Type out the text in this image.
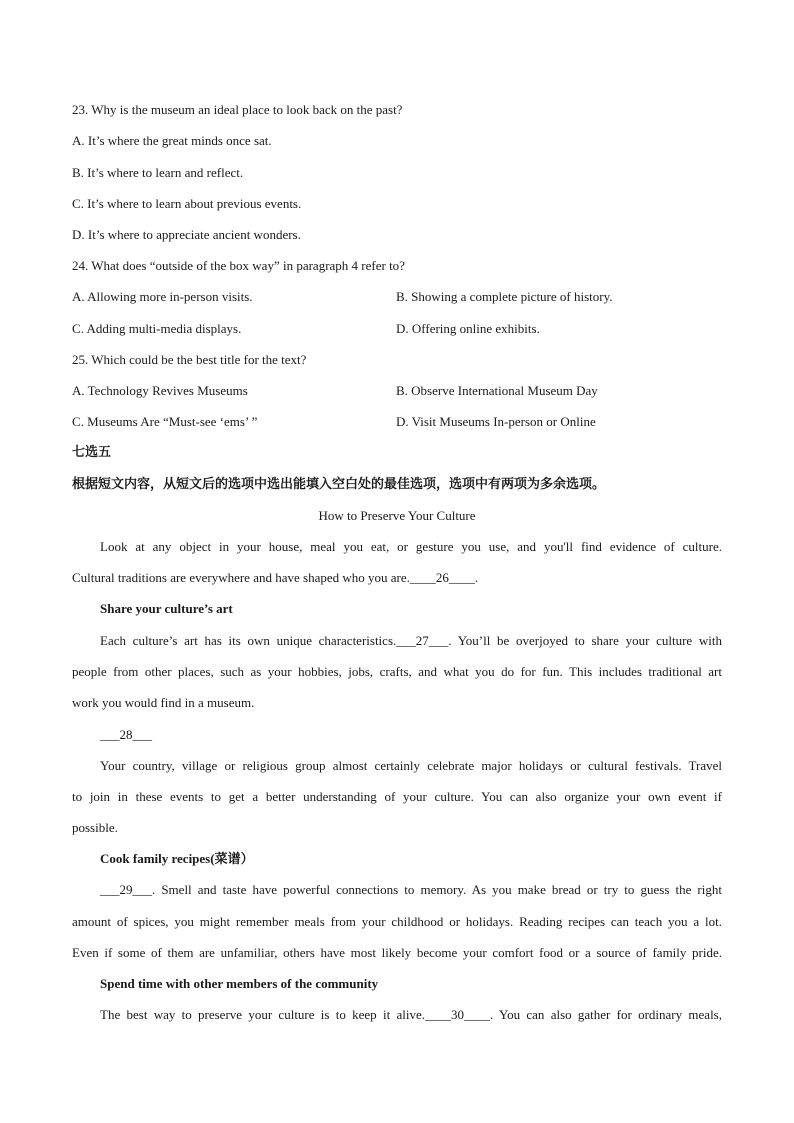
23. Why is the museum an ideal place to look back on the past?
A. It’s where the great minds once sat.
B. It’s where to learn and reflect.
C. It’s where to learn about previous events.
D. It’s where to appreciate ancient wonders.
24. What does “outside of the box way” in paragraph 4 refer to?
A. Allowing more in-person visits.	B. Showing a complete picture of history.
C. Adding multi-media displays.	D. Offering online exhibits.
25. Which could be the best title for the text?
A. Technology Revives Museums	B. Observe International Museum Day
C. Museums Are “Must-see ‘ems’ ”	D. Visit Museums In-person or Online
七选五
根据短文内容，从短文后的选项中选出能填入空白处的最佳选项，选项中有两项为多余选项。
How to Preserve Your Culture
Look at any object in your house, meal you eat, or gesture you use, and you'll find evidence of culture.
Cultural traditions are everywhere and have shaped who you are.____26____.
Share your culture’s art
Each culture’s art has its own unique characteristics.___27___. You’ll be overjoyed to share your culture with
people from other places, such as your hobbies, jobs, crafts, and what you do for fun. This includes traditional art
work you would find in a museum.
___28___
Your country, village or religious group almost certainly celebrate major holidays or cultural festivals. Travel
to join in these events to get a better understanding of your culture. You can also organize your own event if
possible.
Cook family recipes(菜谱）
___29___. Smell and taste have powerful connections to memory. As you make bread or try to guess the right
amount of spices, you might remember meals from your childhood or holidays. Reading recipes can teach you a lot.
Even if some of them are unfamiliar, others have most likely become your comfort food or a source of family pride.
Spend time with other members of the community
The best way to preserve your culture is to keep it alive.____30____. You can also gather for ordinary meals,
